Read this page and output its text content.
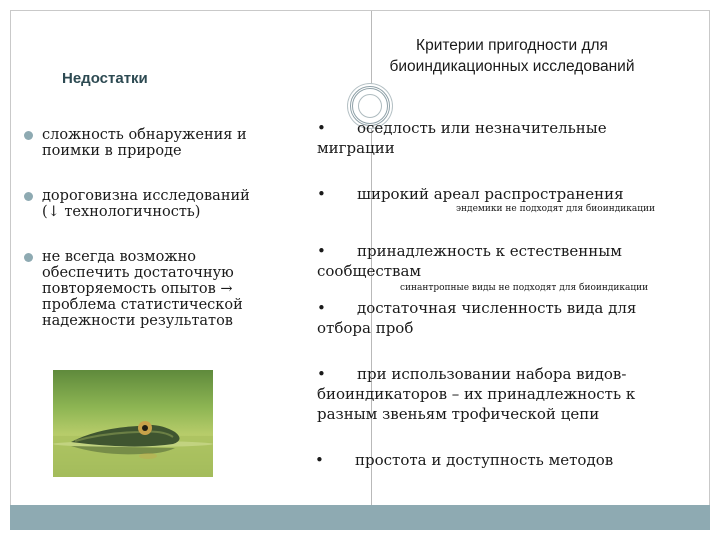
Недостатки
Критерии пригодности для
биоиндикационных исследований
сложность обнаружения и
поимки в природе
дороговизна исследований
(↓ технологичность)
не всегда возможно
обеспечить достаточную
повторяемость опытов →
проблема статистической
надежности результатов
• оседлость или незначительные
миграции
• широкий ареал распространения
эндемики не подходят для биоиндикации
• принадлежность к естественным
сообществам
синантропные виды не подходят для биоиндикации
• достаточная численность вида для
отбора проб
• при использовании набора видов-
биоиндикаторов – их принадлежность к
разным звеньям трофической цепи
• простота и доступность методов
